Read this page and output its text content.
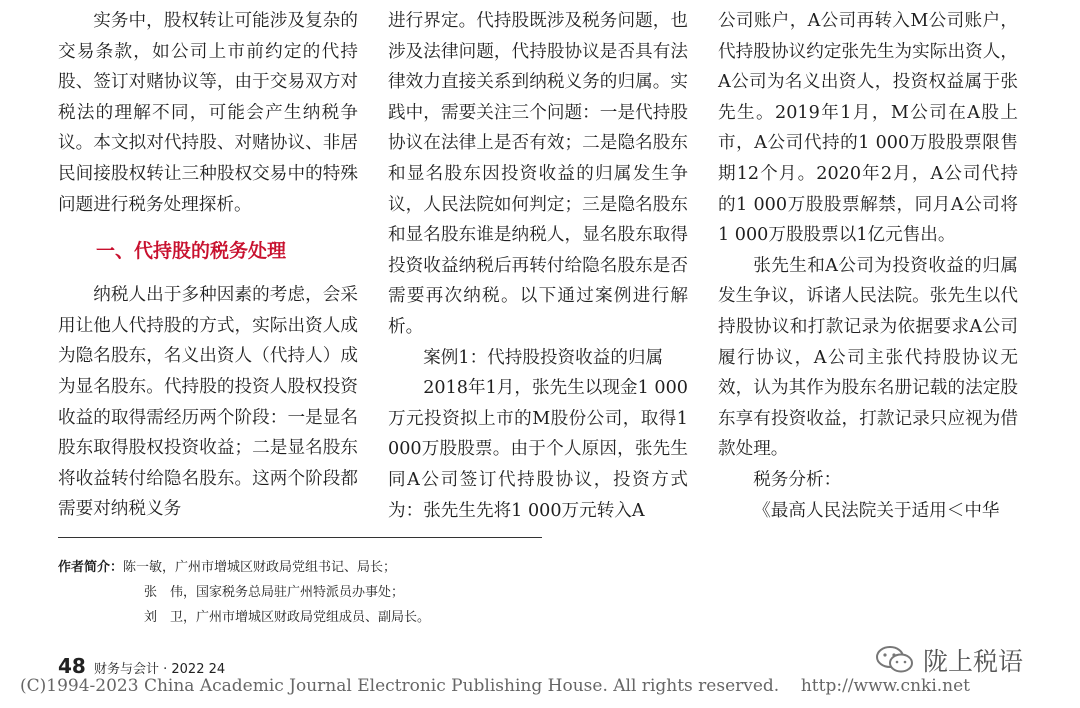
实务中，股权转让可能涉及复杂的交易条款，如公司上市前约定的代持股、签订对赌协议等，由于交易双方对税法的理解不同，可能会产生纳税争议。本文拟对代持股、对赌协议、非居民间接股权转让三种股权交易中的特殊问题进行税务处理探析。

一、代持股的税务处理

纳税人出于多种因素的考虑，会采用让他人代持股的方式，实际出资人成为隐名股东，名义出资人（代持人）成为显名股东。代持股的投资人股权投资收益的取得需经历两个阶段：一是显名股东取得股权投资收益；二是显名股东将收益转付给隐名股东。这两个阶段都需要对纳税义务

进行界定。代持股既涉及税务问题，也涉及法律问题，代持股协议是否具有法律效力直接关系到纳税义务的归属。实践中，需要关注三个问题：一是代持股协议在法律上是否有效；二是隐名股东和显名股东因投资收益的归属发生争议，人民法院如何判定；三是隐名股东和显名股东谁是纳税人，显名股东取得投资收益纳税后再转付给隐名股东是否需要再次纳税。以下通过案例进行解析。

案例1：代持股投资收益的归属

2018年1月，张先生以现金1 000万元投资拟上市的M股份公司，取得1 000万股股票。由于个人原因，张先生同A公司签订代持股协议，投资方式为：张先生先将1 000万元转入A

公司账户，A公司再转入M公司账户，代持股协议约定张先生为实际出资人，A公司为名义出资人，投资权益属于张先生。2019年1月，M公司在A股上市，A公司代持的1 000万股股票限售期12个月。2020年2月，A公司代持的1 000万股股票解禁，同月A公司将1 000万股股票以1亿元售出。

张先生和A公司为投资收益的归属发生争议，诉诸人民法院。张先生以代持股协议和打款记录为依据要求A公司履行协议，A公司主张代持股协议无效，认为其作为股东名册记载的法定股东享有投资收益，打款记录只应视为借款处理。

税务分析：

《最高人民法院关于适用＜中华

作者简介：陈一敏，广州市增城区财政局党组书记、局长；
张　伟，国家税务总局驻广州特派员办事处；
刘　卫，广州市增城区财政局党组成员、副局长。
48 财务与会计 · 2022 24	陇上税语
(C)1994-2023 China Academic Journal Electronic Publishing House. All rights reserved. http://www.cnki.net
